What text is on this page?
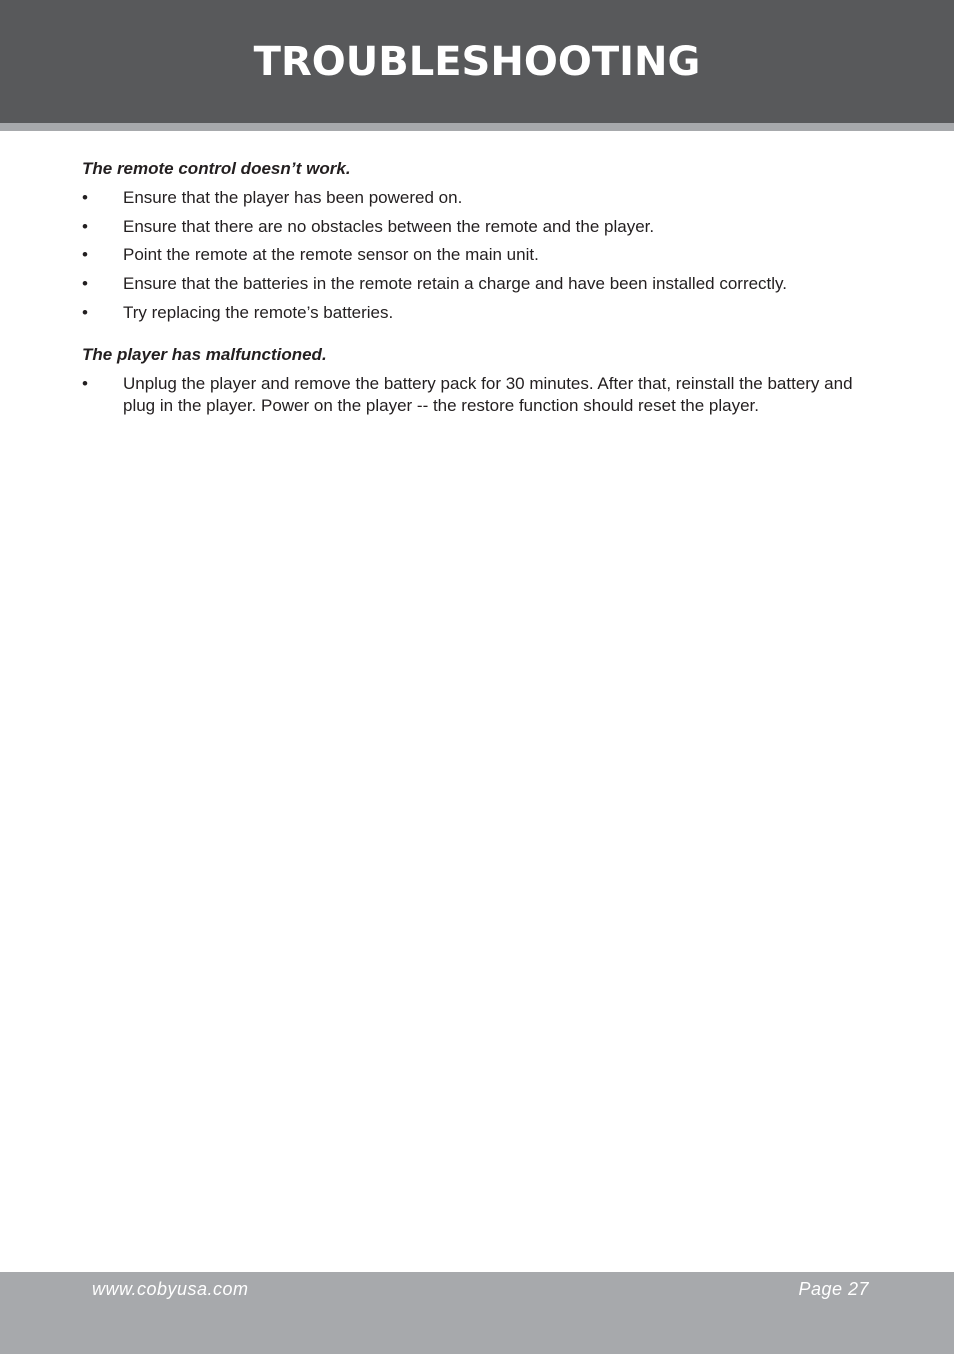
TROUBLESHOOTING
The remote control doesn’t work.
•	Ensure that the player has been powered on.
•	Ensure that there are no obstacles between the remote and the player.
•	Point the remote at the remote sensor on the main unit.
•	Ensure that the batteries in the remote retain a charge and have been installed correctly.
•	Try replacing the remote’s batteries.
The player has malfunctioned.
•	Unplug the player and remove the battery pack for 30 minutes. After that, reinstall the battery and plug in the player. Power on the player -- the restore function should reset the player.
www.cobyusa.com	Page 27
